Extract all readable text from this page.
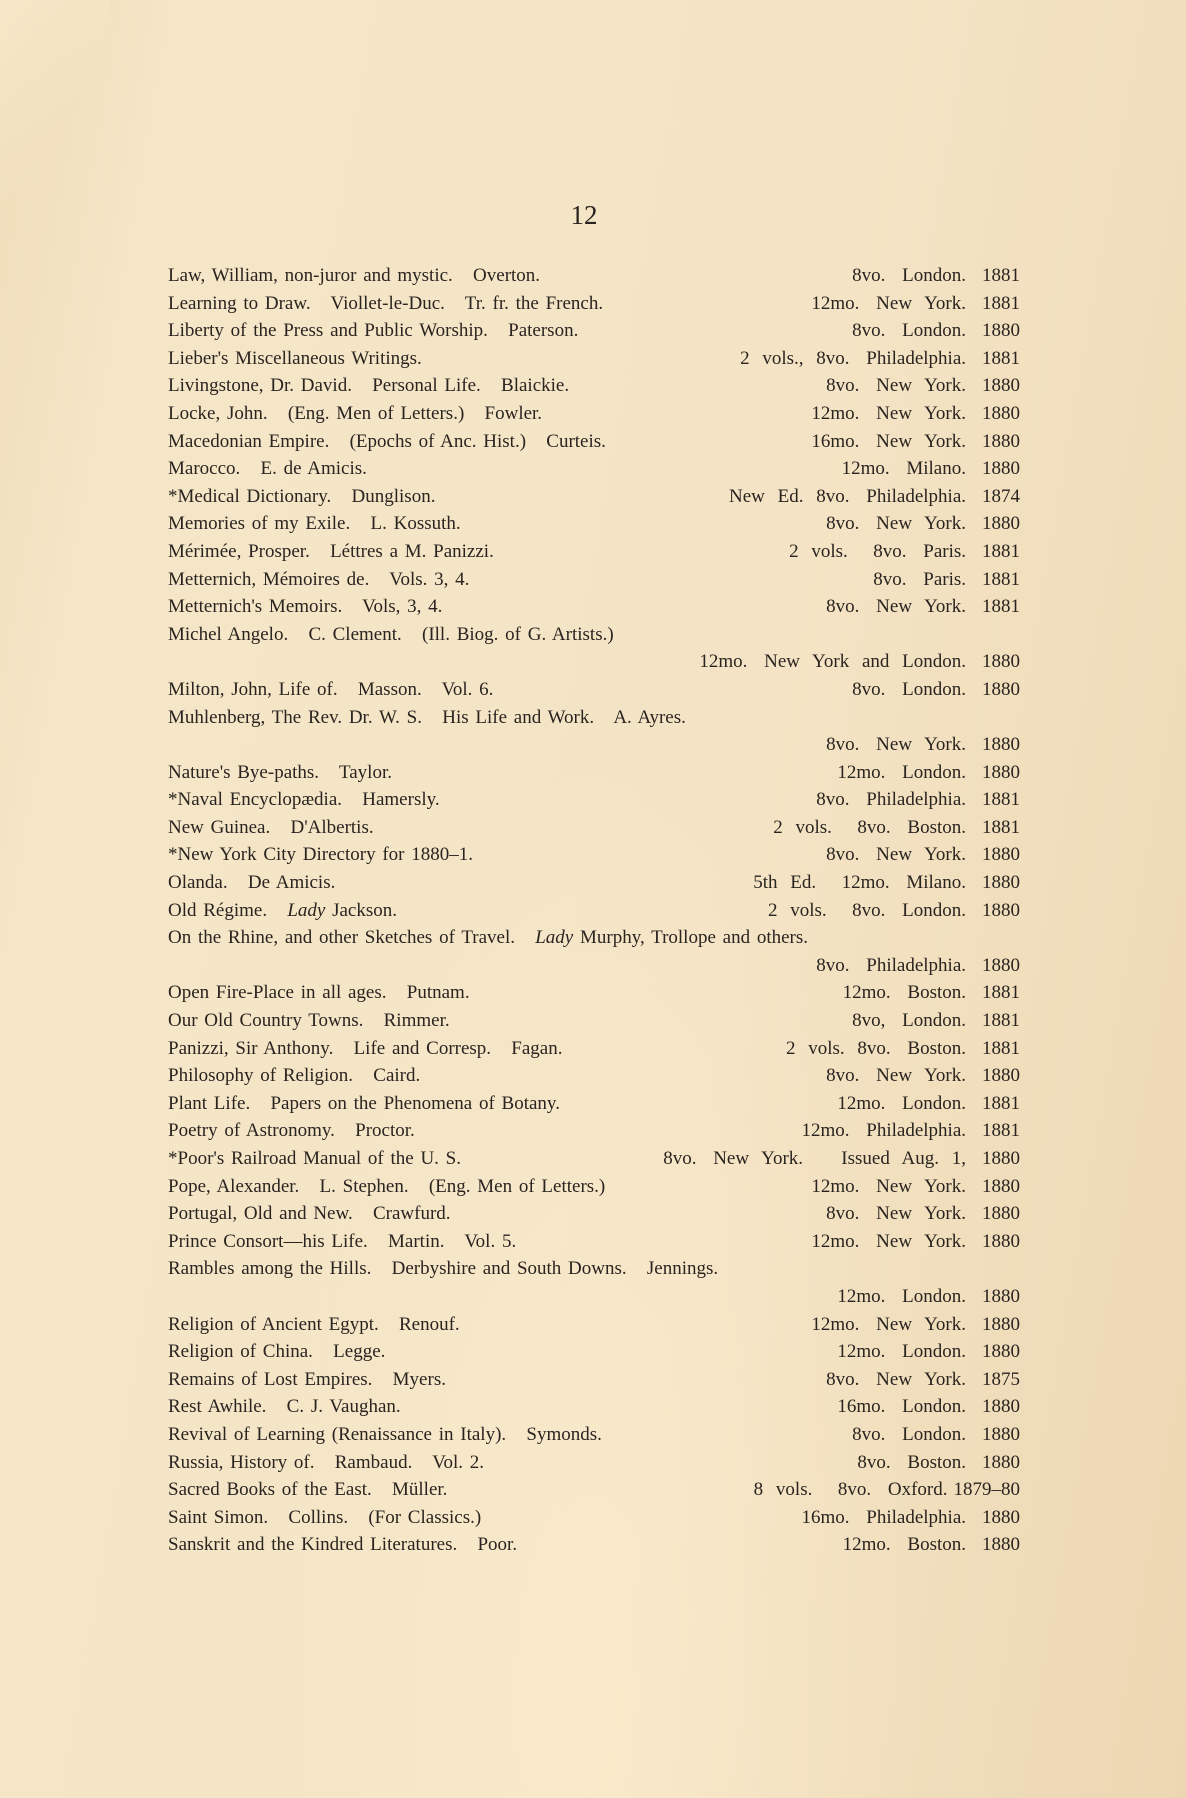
12
Law, William, non-juror and mystic.   Overton.	8vo. London. 1881
Learning to Draw.   Viollet-le-Duc.   Tr. fr. the French.	12mo. New York. 1881
Liberty of the Press and Public Worship.   Paterson.	8vo. London. 1880
Lieber's Miscellaneous Writings.	2 vols., 8vo. Philadelphia. 1881
Livingstone, Dr. David.   Personal Life.   Blaickie.	8vo. New York. 1880
Locke, John.   (Eng. Men of Letters.)   Fowler.	12mo. New York. 1880
Macedonian Empire.   (Epochs of Anc. Hist.)   Curteis.	16mo. New York. 1880
Marocco.   E. de Amicis.	12mo. Milano. 1880
*Medical Dictionary.   Dunglison.	New Ed. 8vo. Philadelphia. 1874
Memories of my Exile.   L. Kossuth.	8vo. New York. 1880
Mérimée, Prosper.   Léttres a M. Panizzi.	2 vols.  8vo. Paris. 1881
Metternich, Mémoires de.   Vols. 3, 4.	8vo. Paris. 1881
Metternich's Memoirs.   Vols, 3, 4.	8vo. New York. 1881
Michel Angelo.   C. Clement.   (Ill. Biog. of G. Artists.)
12mo. New York and London. 1880
Milton, John, Life of.   Masson.   Vol. 6.	8vo. London. 1880
Muhlenberg, The Rev. Dr. W. S.   His Life and Work.   A. Ayres.
8vo. New York. 1880
Nature's Bye-paths.   Taylor.	12mo. London. 1880
*Naval Encyclopædia.   Hamersly.	8vo. Philadelphia. 1881
New Guinea.   D'Albertis.	2 vols.  8vo. Boston. 1881
*New York City Directory for 1880–1.	8vo. New York. 1880
Olanda.   De Amicis.	5th Ed.  12mo. Milano. 1880
Old Régime.   Lady Jackson.	2 vols.  8vo. London. 1880
On the Rhine, and other Sketches of Travel.   Lady Murphy, Trollope and others.
8vo. Philadelphia. 1880
Open Fire-Place in all ages.   Putnam.	12mo. Boston. 1881
Our Old Country Towns.   Rimmer.	8vo, London. 1881
Panizzi, Sir Anthony.   Life and Corresp.   Fagan.	2 vols. 8vo. Boston. 1881
Philosophy of Religion.   Caird.	8vo. New York. 1880
Plant Life.   Papers on the Phenomena of Botany.	12mo. London. 1881
Poetry of Astronomy.   Proctor.	12mo. Philadelphia. 1881
*Poor's Railroad Manual of the U. S.	8vo. New York.   Issued Aug. 1, 1880
Pope, Alexander.   L. Stephen.   (Eng. Men of Letters.)	12mo. New York. 1880
Portugal, Old and New.   Crawfurd.	8vo. New York. 1880
Prince Consort—his Life.   Martin.   Vol. 5.	12mo. New York. 1880
Rambles among the Hills.   Derbyshire and South Downs.   Jennings.
12mo. London. 1880
Religion of Ancient Egypt.   Renouf.	12mo. New York. 1880
Religion of China.   Legge.	12mo. London. 1880
Remains of Lost Empires.   Myers.	8vo. New York. 1875
Rest Awhile.   C. J. Vaughan.	16mo. London. 1880
Revival of Learning (Renaissance in Italy).   Symonds.	8vo. London. 1880
Russia, History of.   Rambaud.   Vol. 2.	8vo. Boston. 1880
Sacred Books of the East.   Müller.	8 vols.  8vo. Oxford. 1879–80
Saint Simon.   Collins.   (For Classics.)	16mo. Philadelphia. 1880
Sanskrit and the Kindred Literatures.   Poor.	12mo. Boston. 1880
